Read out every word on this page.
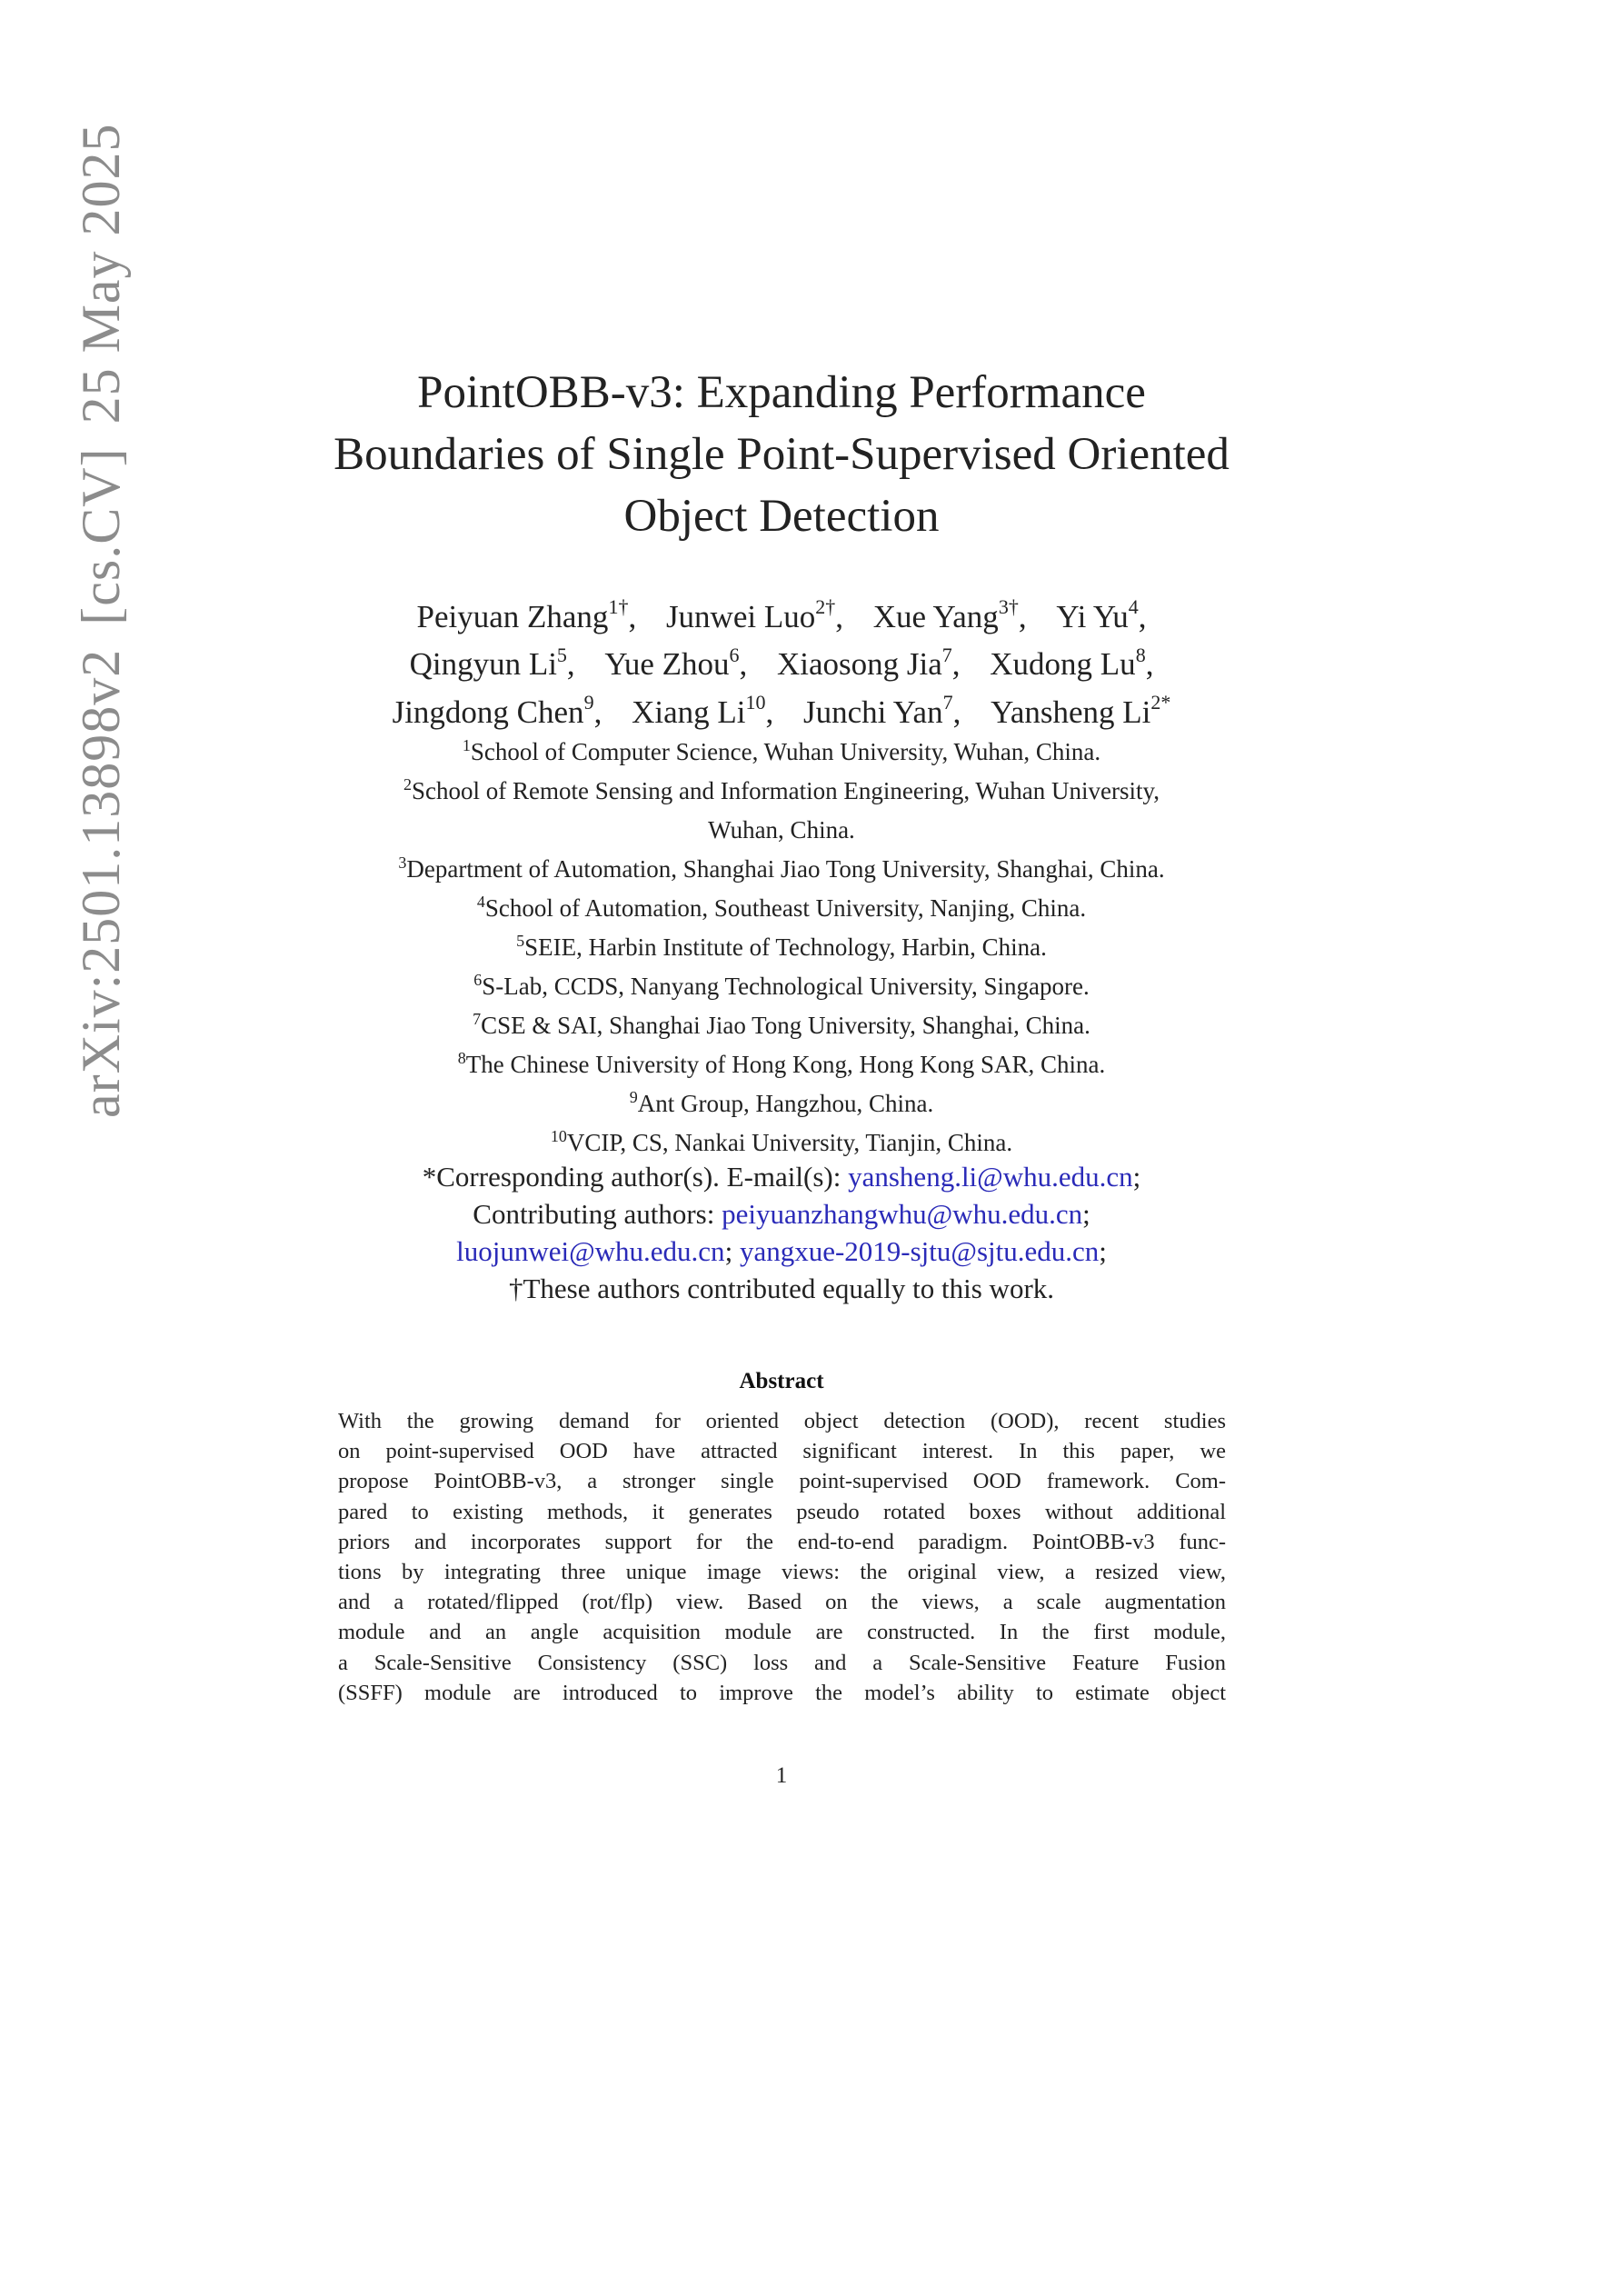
arXiv:2501.13898v2[cs.CV]25 May 2025	PointOBB-v3: Expanding Performance
Boundaries of Single Point-Supervised Oriented
Object Detection
Peiyuan Zhang$^{1\dagger}$, Junwei Luo$^{2\dagger}$, Xue Yang$^{3\dagger}$, Yi Yu$^4$,
Qingyun Li$^5$, Yue Zhou$^6$, Xiaosong Jia$^7$, Xudong Lu$^8$,
Jingdong Chen$^9$, Xiang Li$^{10}$, Junchi Yan$^7$, Yansheng $Li^{2*}$
$^1$School of Computer Science, Wuhan University, Wuhan, China.
$^2$School of Remote Sensing and Information Engineering, Wuhan University,
Wuhan, China.
$^3$Department of Automation, Shanghai Jiao Tong University, Shanghai, China.
$^4$School of Automation, Southeast University, Nanjing, China.
$^5$SEIE, Harbin Institute of Technology, Harbin, China.
$^6$S-Lab, CCDS, Nanyang Technological University, Singapore.
$^7$CSE & SAI, Shanghai Jiao Tong University, Shanghai, China.
$^8$The Chinese University of Hong Kong, Hong Kong SAR, China.
$^9$Ant Group, Hangzhou, China.
$^{10}$VCIP, CS, Nankai University, Tianjin, China.
*Corresponding author(s). E-mail(s): yansheng.li@whu.edu.cn;
Contributing authors: peiyuanzhangwhu@whu.edu.cn;
luojunwei@whu.edu.cn; yangxue-2019-sjtu@sjtu.edu.cn;
†These authors contributed equally to this work.
Abstract
With the growing demand for oriented object detection (OOD), recent studies
on point-supervised OOD have attracted significant interest. In this paper, we
propose PointOBB-v3, a stronger single point-supervised OOD framework. Com-
pared to existing methods, it generates pseudo rotated boxes without additional
priors and incorporates support for the end-to-end paradigm. PointOBB-v3 func-
tions by integrating three unique image views: the original view, a resized view,
and a rotated/flipped (rot/flp) view. Based on the views, a scale augmentation
module and an angle acquisition module are constructed. In the first module,
a Scale-Sensitive Consistency (SSC) loss and a Scale-Sensitive Feature Fusion
(SSFF) module are introduced to improve the model’s ability to estimate object
1
